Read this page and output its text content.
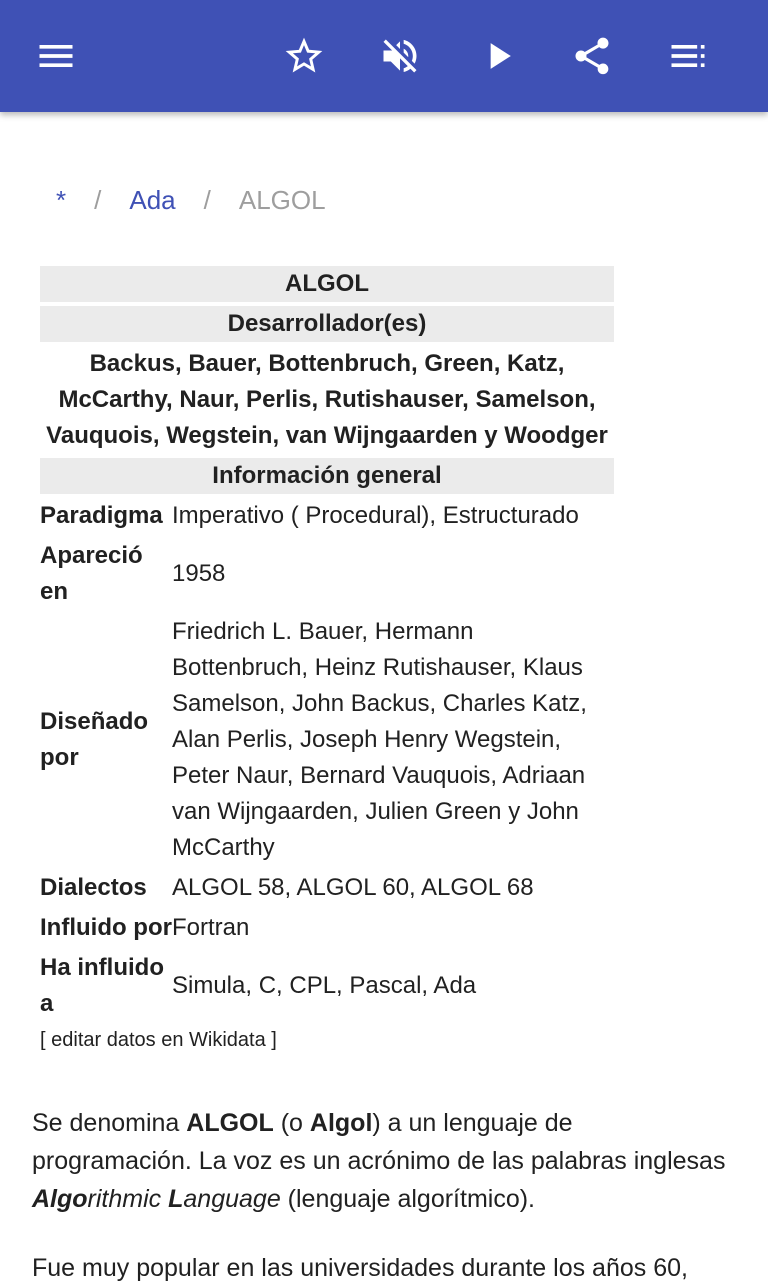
* / Ada / ALGOL
ALGOL
Desarrollador(es)
Backus, Bauer, Bottenbruch, Green, Katz, McCarthy, Naur, Perlis, Rutishauser, Samelson, Vauquois, Wegstein, van Wijngaarden y Woodger
Información general
Paradigma Imperativo ( Procedural), Estructurado
Apareció en
1958
Diseñado por
Friedrich L. Bauer, Hermann Bottenbruch, Heinz Rutishauser, Klaus Samelson, John Backus, Charles Katz, Alan Perlis, Joseph Henry Wegstein, Peter Naur, Bernard Vauquois, Adriaan van Wijngaarden, Julien Green y John McCarthy
Dialectos	ALGOL 58, ALGOL 60, ALGOL 68
Influido por Fortran
Ha influido a
Simula, C, CPL, Pascal, Ada
[ editar datos en Wikidata ]
Se denomina ALGOL (o Algol) a un lenguaje de programación. La voz es un acrónimo de las palabras inglesas Algorithmic Language (lenguaje algorítmico).
Fue muy popular en las universidades durante los años 60,
